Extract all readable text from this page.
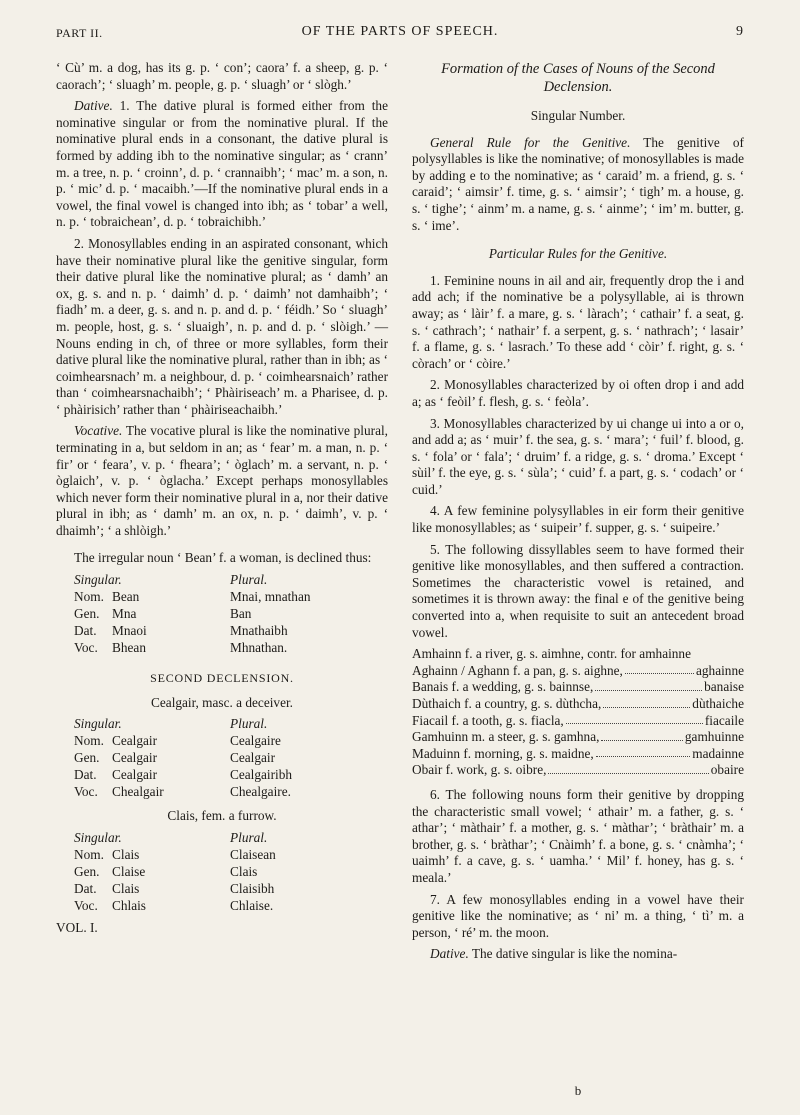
PART II.	OF THE PARTS OF SPEECH.	9

‘ Cù’ m. a dog, has its g. p. ‘ con’; caora’ f. a sheep, g. p. ‘ caorach’; ‘ sluagh’ m. people, g. p. ‘ sluagh’ or ‘ slògh.’

Dative. 1. The dative plural is formed either from the nominative singular or from the nominative plural. If the nominative plural ends in a consonant, the dative plural is formed by adding ibh to the nominative singular; as ‘ crann’ m. a tree, n. p. ‘ croinn’, d. p. ‘ crannaibh’; ‘ mac’ m. a son, n. p. ‘ mic’ d. p. ‘ macaibh.’—If the nominative plural ends in a vowel, the final vowel is changed into ibh; as ‘ tobar’ a well, n. p. ‘ tobraichean’, d. p. ‘ tobraichibh.’

2. Monosyllables ending in an aspirated consonant, which have their nominative plural like the genitive singular, form their dative plural like the nominative plural; as ‘ damh’ an ox, g. s. and n. p. ‘ daimh’ d. p. ‘ daimh’ not damhaibh’; ‘ fiadh’ m. a deer, g. s. and n. p. and d. p. ‘ féidh.’ So ‘ sluagh’ m. people, host, g. s. ‘ sluaigh’, n. p. and d. p. ‘ slòigh.’ —Nouns ending in ch, of three or more syllables, form their dative plural like the nominative plural, rather than in ibh; as ‘ coimhearsnach’ m. a neighbour, d. p. ‘ coimhearsnaich’ rather than ‘ coimhearsnachaibh’; ‘ Phàiriseach’ m. a Pharisee, d. p. ‘ phàirisich’ rather than ‘ phàiriseachaibh.’

Vocative. The vocative plural is like the nominative plural, terminating in a, but seldom in an; as ‘ fear’ m. a man, n. p. ‘ fir’ or ‘ feara’, v. p. ‘ fheara’; ‘ òglach’ m. a servant, n. p. ‘ òglaich’, v. p. ‘ òglacha.’ Except perhaps monosyllables which never form their nominative plural in a, nor their dative plural in ibh; as ‘ damh’ m. an ox, n. p. ‘ daimh’, v. p. ‘ dhaimh’; ‘ a shlòigh.’

The irregular noun ‘ Bean’ f. a woman, is declined thus:

Singular.		Plural.
Nom.	Bean	Mnai, mnathan
Gen.	Mna	Ban
Dat.	Mnaoi	Mnathaibh
Voc.	Bhean	Mhnathan.

SECOND DECLENSION.

Cealgair, masc. a deceiver.

Singular.		Plural.
Nom.	Cealgair	Cealgaire
Gen.	Cealgair	Cealgair
Dat.	Cealgair	Cealgairibh
Voc.	Chealgair	Chealgaire.

Clais, fem. a furrow.

Singular.		Plural.
Nom.	Clais	Claisean
Gen.	Claise	Clais
Dat.	Clais	Claisibh
Voc.	Chlais	Chlaise.
VOL. I.

Formation of the Cases of Nouns of the Second Declension.

Singular Number.

General Rule for the Genitive. The genitive of polysyllables is like the nominative; of monosyllables is made by adding e to the nominative; as ‘ caraid’ m. a friend, g. s. ‘ caraid’; ‘ aimsir’ f. time, g. s. ‘ aimsir’; ‘ tigh’ m. a house, g. s. ‘ tighe’; ‘ ainm’ m. a name, g. s. ‘ ainme’; ‘ im’ m. butter, g. s. ‘ ime’.

Particular Rules for the Genitive.

1. Feminine nouns in ail and air, frequently drop the i and add ach; if the nominative be a polysyllable, ai is thrown away; as ‘ làir’ f. a mare, g. s. ‘ làrach’; ‘ cathair’ f. a seat, g. s. ‘ cathrach’; ‘ nathair’ f. a serpent, g. s. ‘ nathrach’; ‘ lasair’ f. a flame, g. s. ‘ lasrach.’ To these add ‘ còir’ f. right, g. s. ‘ còrach’ or ‘ còire.’

2. Monosyllables characterized by oi often drop i and add a; as ‘ feòil’ f. flesh, g. s. ‘ feòla’.

3. Monosyllables characterized by ui change ui into a or o, and add a; as ‘ muir’ f. the sea, g. s. ‘ mara’; ‘ fuil’ f. blood, g. s. ‘ fola’ or ‘ fala’; ‘ druim’ f. a ridge, g. s. ‘ droma.’ Except ‘ sùil’ f. the eye, g. s. ‘ sùla’; ‘ cuid’ f. a part, g. s. ‘ codach’ or ‘ cuid.’

4. A few feminine polysyllables in eir form their genitive like monosyllables; as ‘ suipeir’ f. supper, g. s. ‘ suipeire.’

5. The following dissyllables seem to have formed their genitive like monosyllables, and then suffered a contraction. Sometimes the characteristic vowel is retained, and sometimes it is thrown away: the final e of the genitive being converted into a, when requisite to suit an antecedent broad vowel.

Amhainn f. a river, g. s. aimhne, contr. for amhainne
Aghainn / Aghann f. a pan, g. s. aighne,	aghainne
Banais f. a wedding, g. s. bainnse,	banaise
Dùthaich f. a country, g. s. dùthcha,	dùthaiche
Fiacail f. a tooth, g. s. fiacla,	fiacaile
Gamhuinn m. a steer, g. s. gamhna,	gamhuinne
Maduinn f. morning, g. s. maidne,	madainne
Obair f. work, g. s. oibre,	obaire

6. The following nouns form their genitive by dropping the characteristic small vowel; ‘ athair’ m. a father, g. s. ‘ athar’; ‘ màthair’ f. a mother, g. s. ‘ màthar’; ‘ bràthair’ m. a brother, g. s. ‘ bràthar’; ‘ Cnàimh’ f. a bone, g. s. ‘ cnàmha’; ‘ uaimh’ f. a cave, g. s. ‘ uamha.’ ‘ Mil’ f. honey, has g. s. ‘ meala.’

7. A few monosyllables ending in a vowel have their genitive like the nominative; as ‘ ni’ m. a thing, ‘ tì’ m. a person, ‘ ré’ m. the moon.

Dative. The dative singular is like the nomina-

b
